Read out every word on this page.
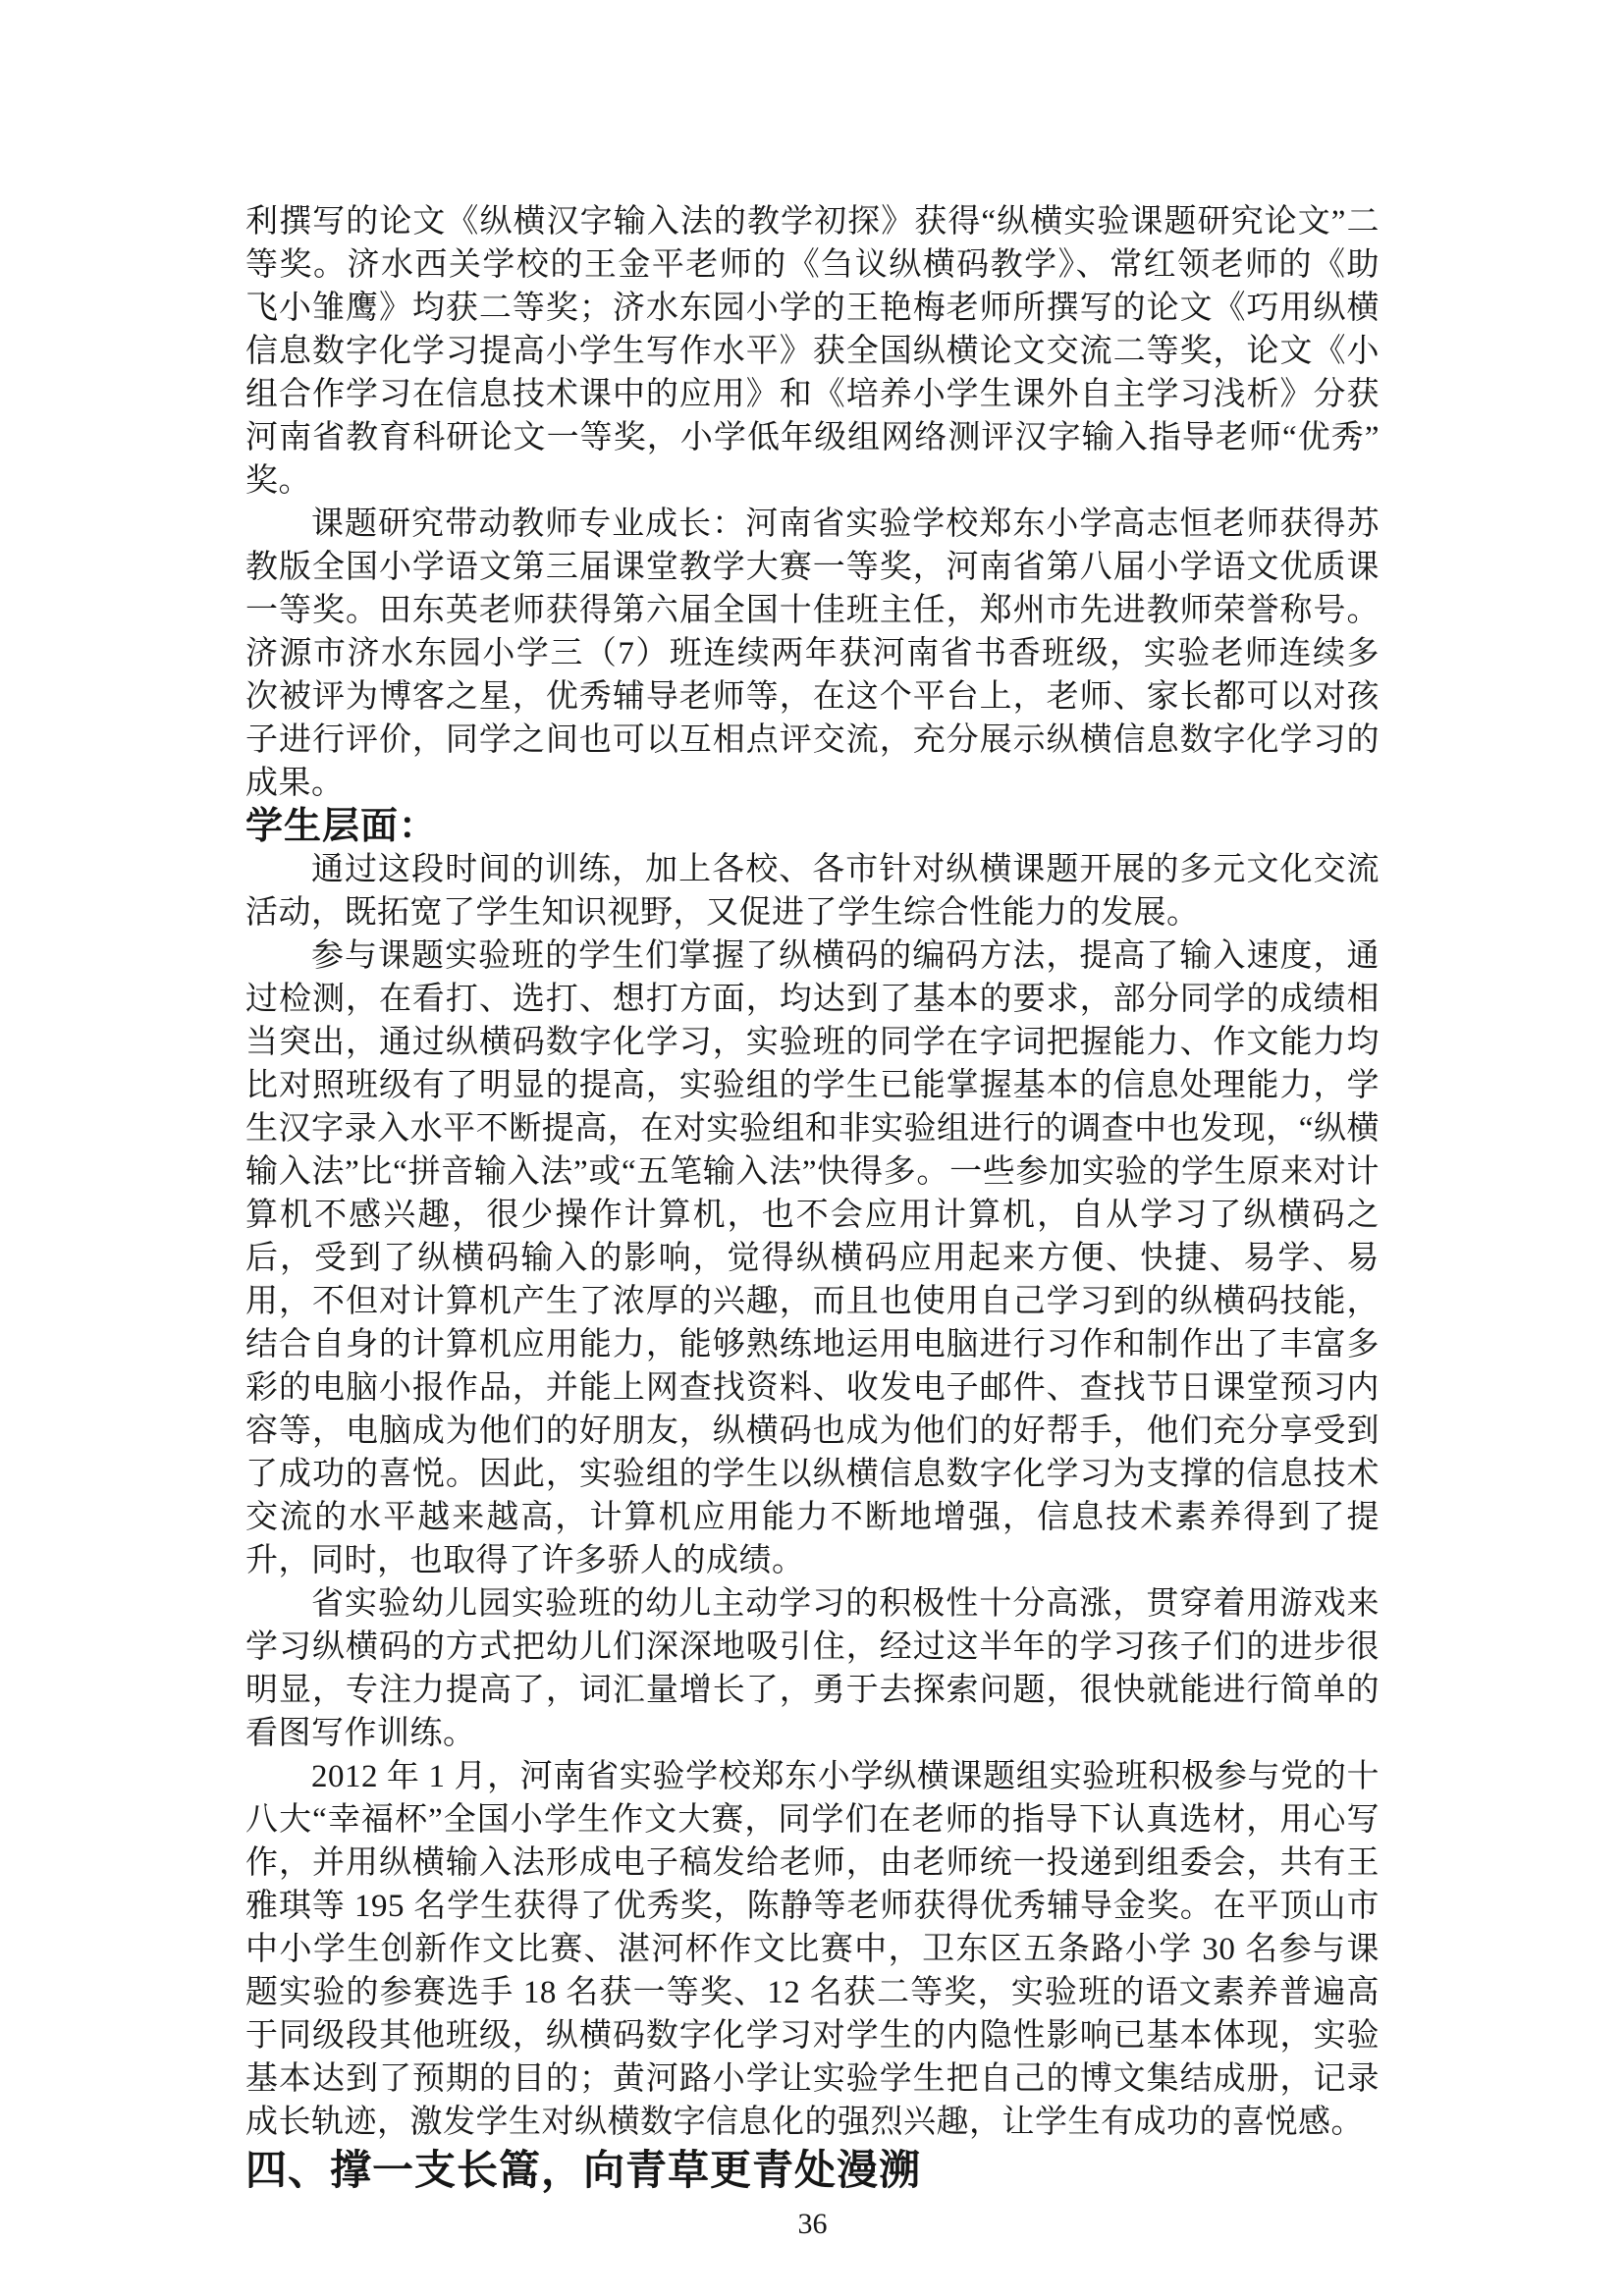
利撰写的论文《纵横汉字输入法的教学初探》获得“纵横实验课题研究论文”二等奖。济水西关学校的王金平老师的《刍议纵横码教学》、常红领老师的《助飞小雏鹰》均获二等奖；济水东园小学的王艳梅老师所撰写的论文《巧用纵横信息数字化学习提高小学生写作水平》获全国纵横论文交流二等奖，论文《小组合作学习在信息技术课中的应用》和《培养小学生课外自主学习浅析》分获河南省教育科研论文一等奖，小学低年级组网络测评汉字输入指导老师“优秀”奖。

课题研究带动教师专业成长：河南省实验学校郑东小学高志恒老师获得苏教版全国小学语文第三届课堂教学大赛一等奖，河南省第八届小学语文优质课一等奖。田东英老师获得第六届全国十佳班主任，郑州市先进教师荣誉称号。济源市济水东园小学三（7）班连续两年获河南省书香班级，实验老师连续多次被评为博客之星，优秀辅导老师等，在这个平台上，老师、家长都可以对孩子进行评价，同学之间也可以互相点评交流，充分展示纵横信息数字化学习的成果。

学生层面：

通过这段时间的训练，加上各校、各市针对纵横课题开展的多元文化交流活动，既拓宽了学生知识视野，又促进了学生综合性能力的发展。

参与课题实验班的学生们掌握了纵横码的编码方法，提高了输入速度，通过检测，在看打、选打、想打方面，均达到了基本的要求，部分同学的成绩相当突出，通过纵横码数字化学习，实验班的同学在字词把握能力、作文能力均比对照班级有了明显的提高，实验组的学生已能掌握基本的信息处理能力，学生汉字录入水平不断提高，在对实验组和非实验组进行的调查中也发现，“纵横输入法”比“拼音输入法”或“五笔输入法”快得多。一些参加实验的学生原来对计算机不感兴趣，很少操作计算机，也不会应用计算机，自从学习了纵横码之后，受到了纵横码输入的影响，觉得纵横码应用起来方便、快捷、易学、易用，不但对计算机产生了浓厚的兴趣，而且也使用自己学习到的纵横码技能，结合自身的计算机应用能力，能够熟练地运用电脑进行习作和制作出了丰富多彩的电脑小报作品，并能上网查找资料、收发电子邮件、查找节日课堂预习内容等，电脑成为他们的好朋友，纵横码也成为他们的好帮手，他们充分享受到了成功的喜悦。因此，实验组的学生以纵横信息数字化学习为支撑的信息技术交流的水平越来越高，计算机应用能力不断地增强，信息技术素养得到了提升，同时，也取得了许多骄人的成绩。

省实验幼儿园实验班的幼儿主动学习的积极性十分高涨，贯穿着用游戏来学习纵横码的方式把幼儿们深深地吸引住，经过这半年的学习孩子们的进步很明显，专注力提高了，词汇量增长了，勇于去探索问题，很快就能进行简单的看图写作训练。

2012 年 1 月，河南省实验学校郑东小学纵横课题组实验班积极参与党的十八大“幸福杯”全国小学生作文大赛，同学们在老师的指导下认真选材，用心写作，并用纵横输入法形成电子稿发给老师，由老师统一投递到组委会，共有王雅琪等 195 名学生获得了优秀奖，陈静等老师获得优秀辅导金奖。在平顶山市中小学生创新作文比赛、湛河杯作文比赛中，卫东区五条路小学 30 名参与课题实验的参赛选手 18 名获一等奖、12 名获二等奖，实验班的语文素养普遍高于同级段其他班级，纵横码数字化学习对学生的内隐性影响已基本体现，实验基本达到了预期的目的；黄河路小学让实验学生把自己的博文集结成册，记录成长轨迹，激发学生对纵横数字信息化的强烈兴趣，让学生有成功的喜悦感。

四、撑一支长篙，向青草更青处漫溯
36
